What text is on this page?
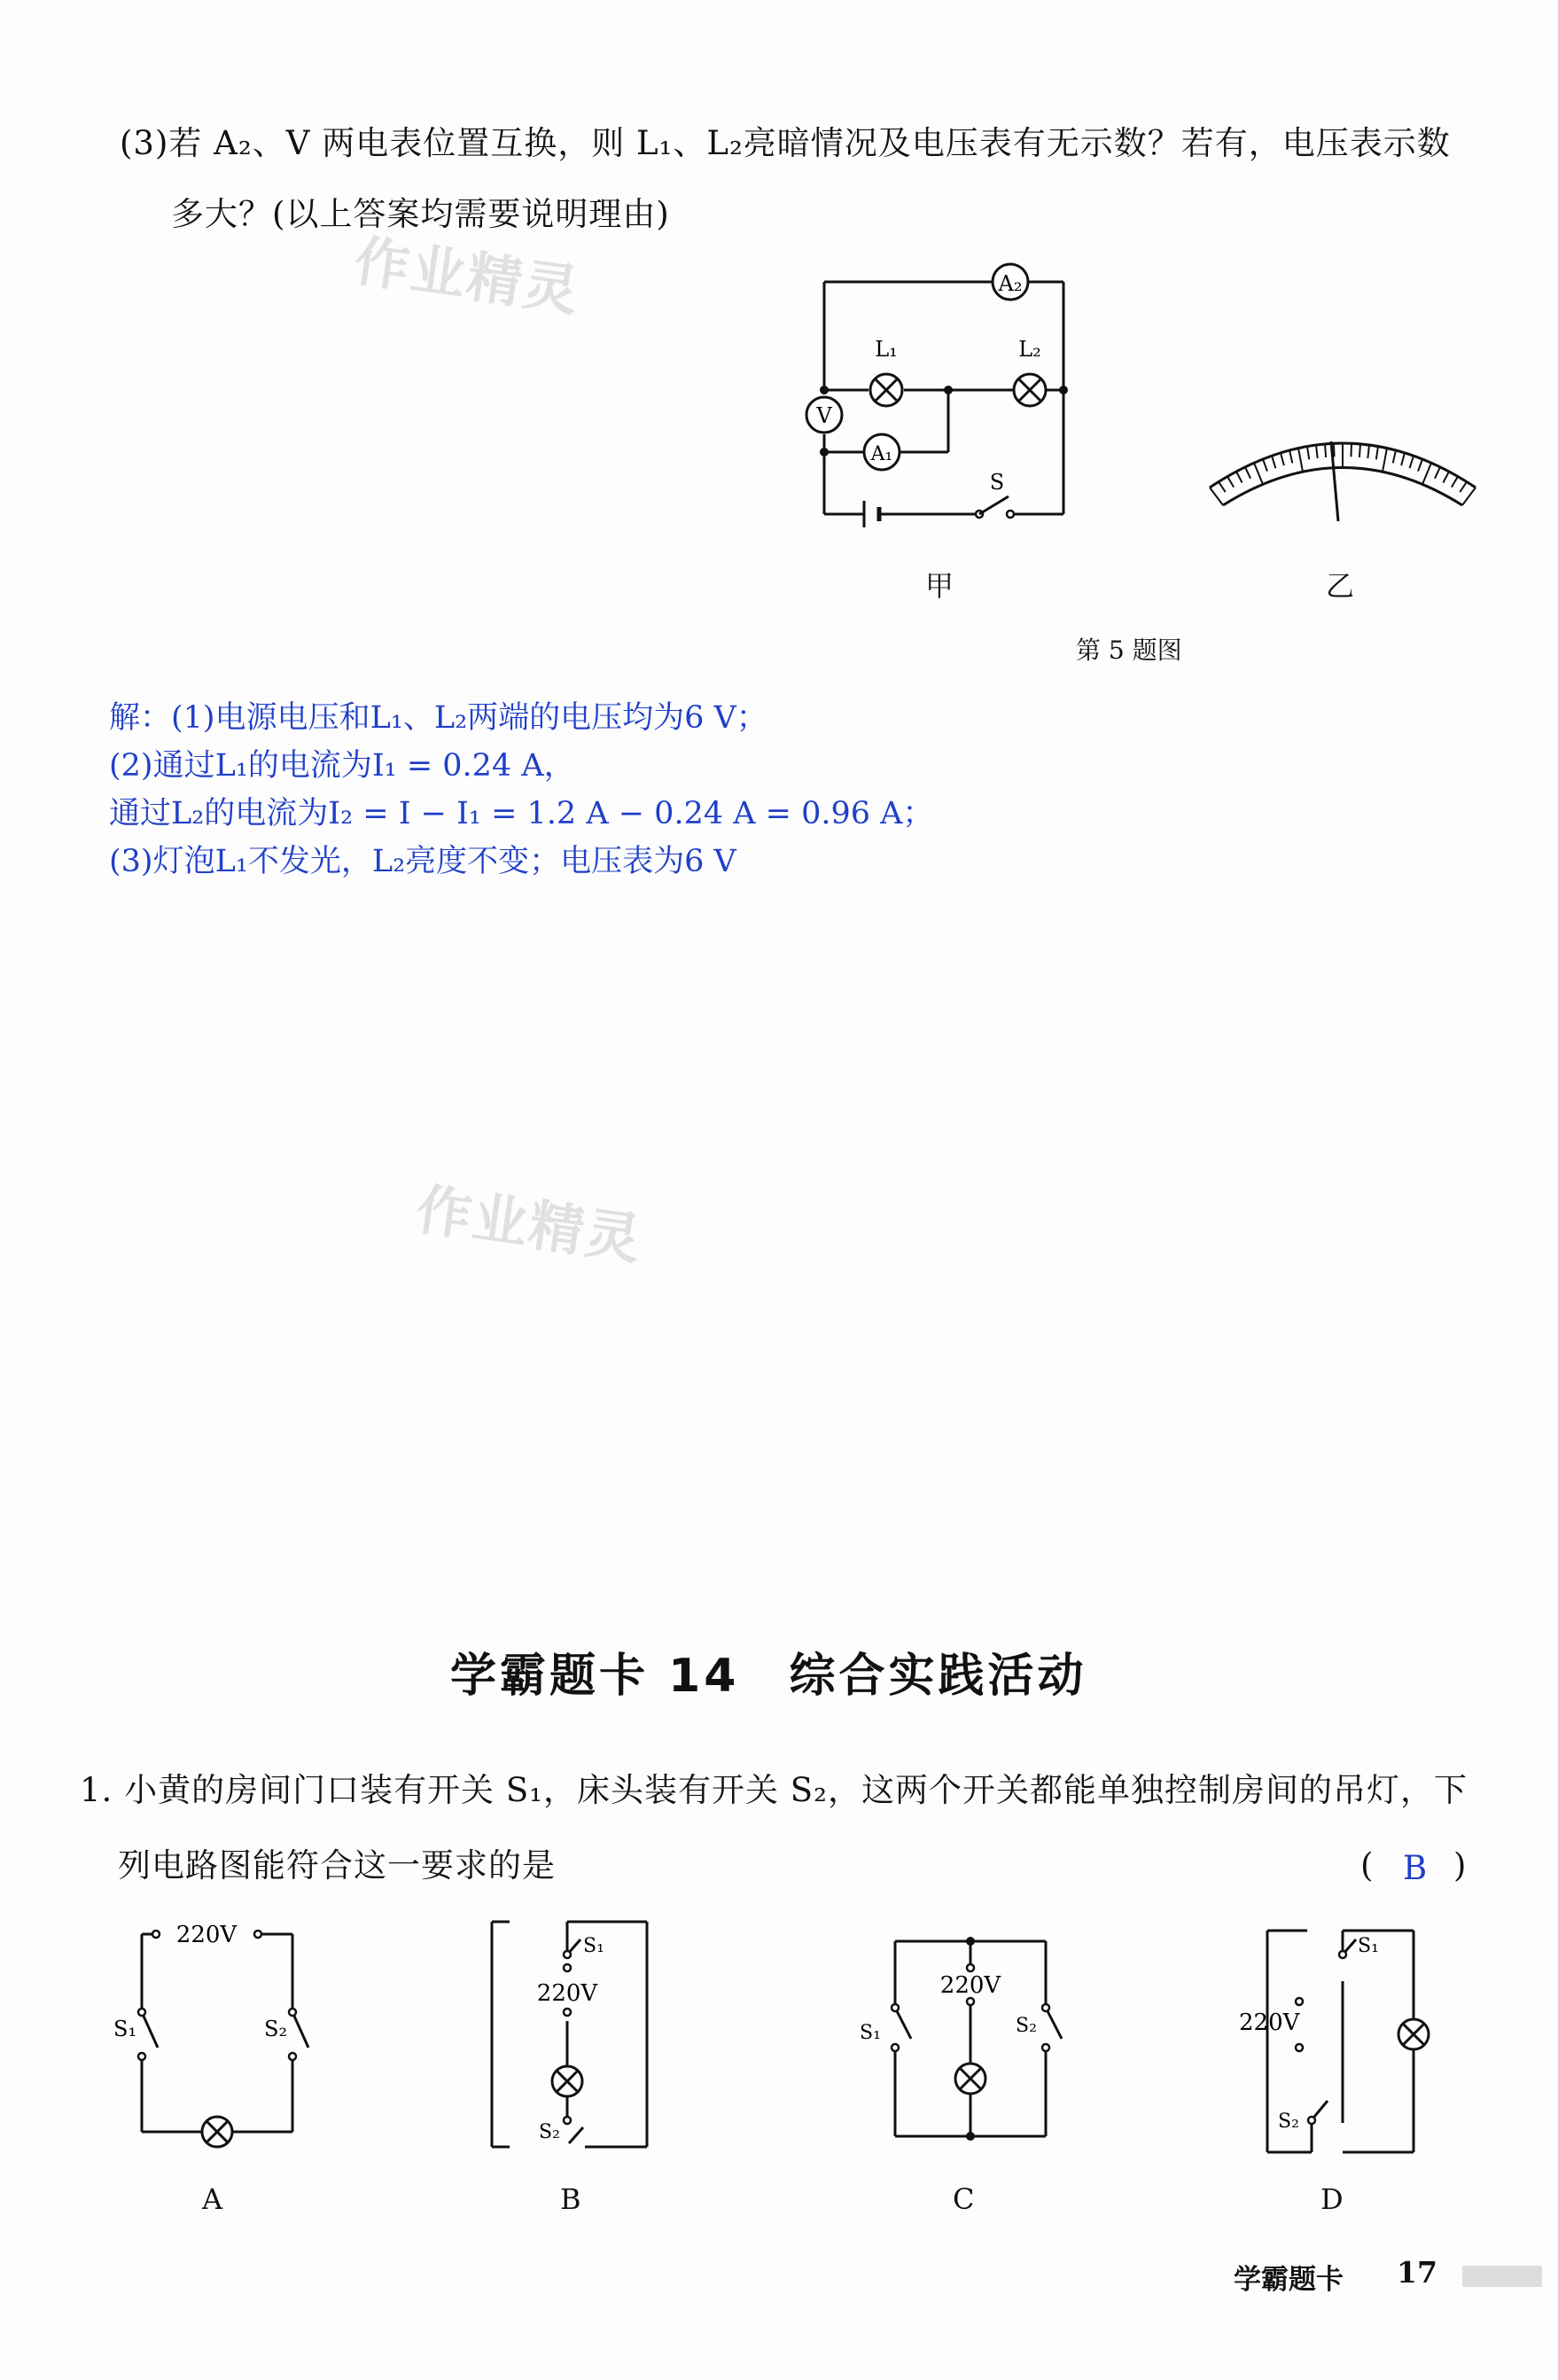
(3)若 A₂、V 两电表位置互换，则 L₁、L₂亮暗情况及电压表有无示数？若有，电压表示数
多大？(以上答案均需要说明理由)
作业精灵
作业精灵
A₂
L₁	L₂
V
A₁
S
甲	乙
第 5 题图
解：(1)电源电压和L₁、L₂两端的电压均为6 V；
(2)通过L₁的电流为I₁ = 0.24 A，
通过L₂的电流为I₂ = I − I₁ = 1.2 A − 0.24 A = 0.96 A；
(3)灯泡L₁不发光，L₂亮度不变；电压表为6 V
学霸题卡 14　综合实践活动
1. 小黄的房间门口装有开关 S₁，床头装有开关 S₂，这两个开关都能单独控制房间的吊灯，下
列电路图能符合这一要求的是	( B )
220V
S₁	S₂
A
S₁
220V
S₂
B
220V
S₁	S₂
C
S₁
220V
S₂
D
学霸题卡 17
